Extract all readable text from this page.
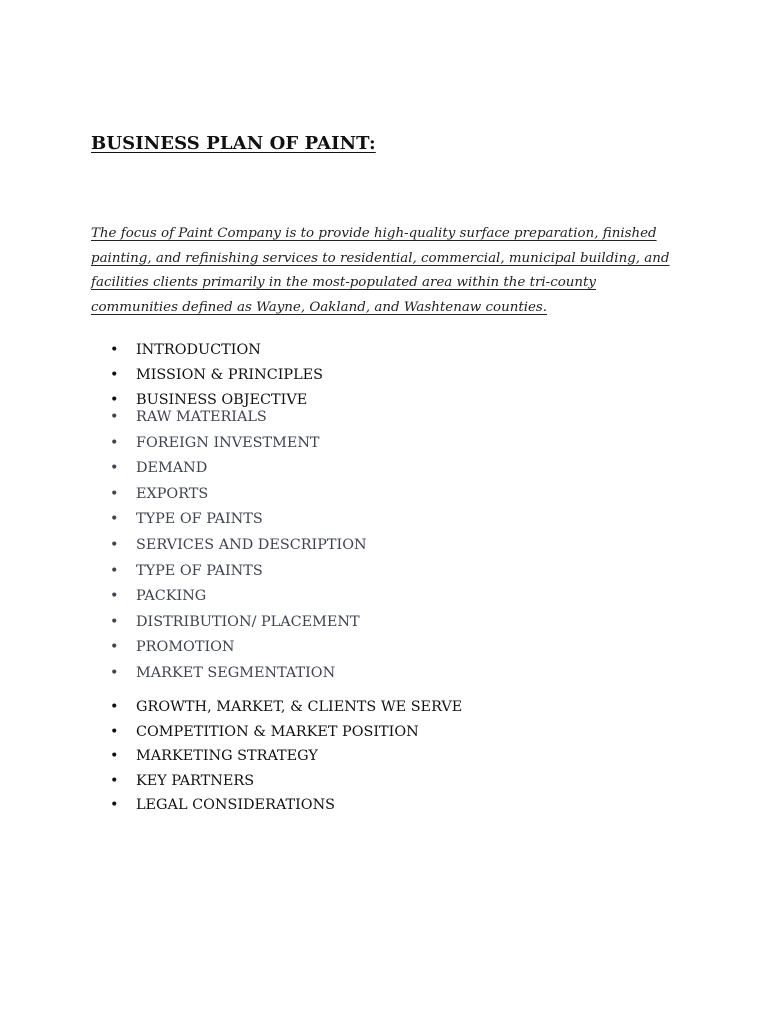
BUSINESS PLAN OF PAINT:

The focus of Paint Company is to provide high-quality surface preparation, finished painting, and refinishing services to residential, commercial, municipal building, and facilities clients primarily in the most-populated area within the tri-county communities defined as Wayne, Oakland, and Washtenaw counties.

• INTRODUCTION
• MISSION & PRINCIPLES
• BUSINESS OBJECTIVE
• RAW MATERIALS
• FOREIGN INVESTMENT
• DEMAND
• EXPORTS
• TYPE OF PAINTS
• SERVICES AND DESCRIPTION
• TYPE OF PAINTS
• PACKING
• DISTRIBUTION/ PLACEMENT
• PROMOTION
• MARKET SEGMENTATION
• GROWTH, MARKET, & CLIENTS WE SERVE
• COMPETITION & MARKET POSITION
• MARKETING STRATEGY
• KEY PARTNERS
• LEGAL CONSIDERATIONS
